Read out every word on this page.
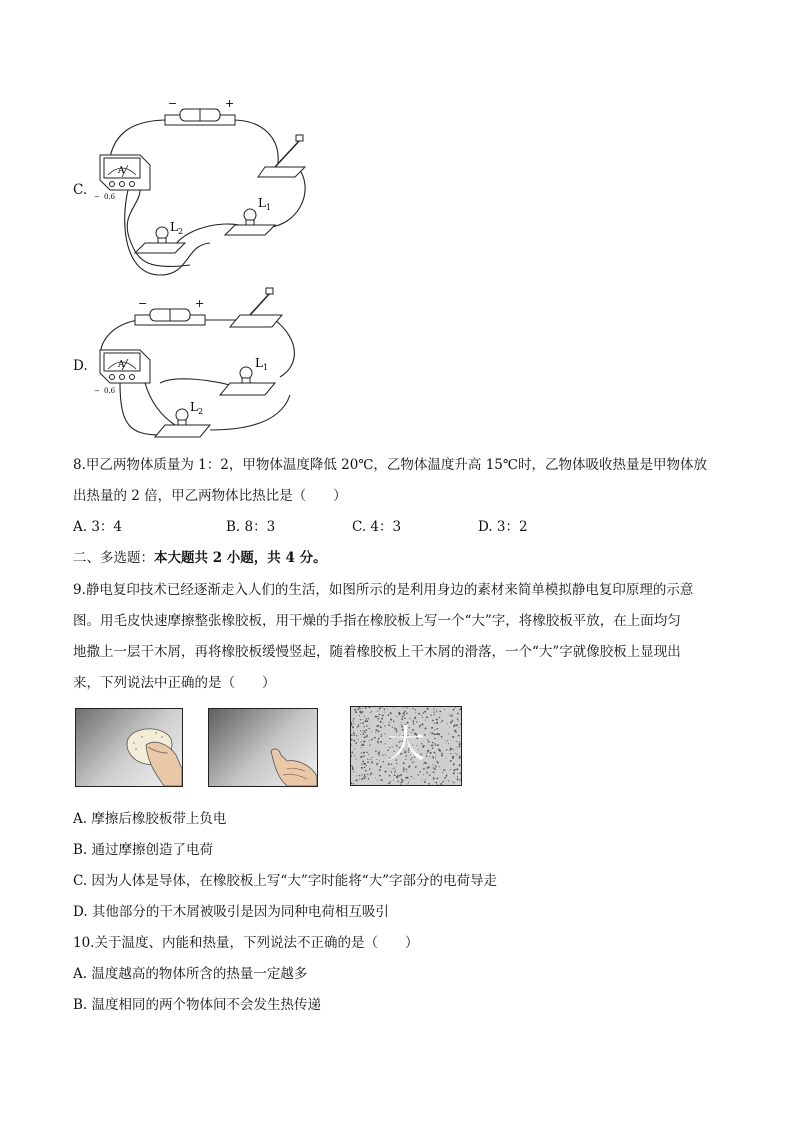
C.
−	+
A
− 0.6	L 1
L 2
D.
−	+
A
− 0.6
L 1
L 2
8.甲乙两物体质量为 1：2，甲物体温度降低 20℃，乙物体温度升高 15℃时，乙物体吸收热量是甲物体放
出热量的 2 倍，甲乙两物体比热比是（　　）
A. 3：4	B. 8：3	C. 4：3	D. 3：2
二、多选题：本大题共 2 小题，共 4 分。
9.静电复印技术已经逐渐走入人们的生活，如图所示的是利用身边的素材来简单模拟静电复印原理的示意
图。用毛皮快速摩擦整张橡胶板，用干燥的手指在橡胶板上写一个“大”字，将橡胶板平放，在上面均匀
地撒上一层干木屑，再将橡胶板缓慢竖起，随着橡胶板上干木屑的滑落，一个“大”字就像胶板上显现出
来，下列说法中正确的是（　　）
大
A. 摩擦后橡胶板带上负电
B. 通过摩擦创造了电荷
C. 因为人体是导体，在橡胶板上写“大”字时能将“大”字部分的电荷导走
D. 其他部分的干木屑被吸引是因为同种电荷相互吸引
10.关于温度、内能和热量，下列说法不正确的是（　　）
A. 温度越高的物体所含的热量一定越多
B. 温度相同的两个物体间不会发生热传递
